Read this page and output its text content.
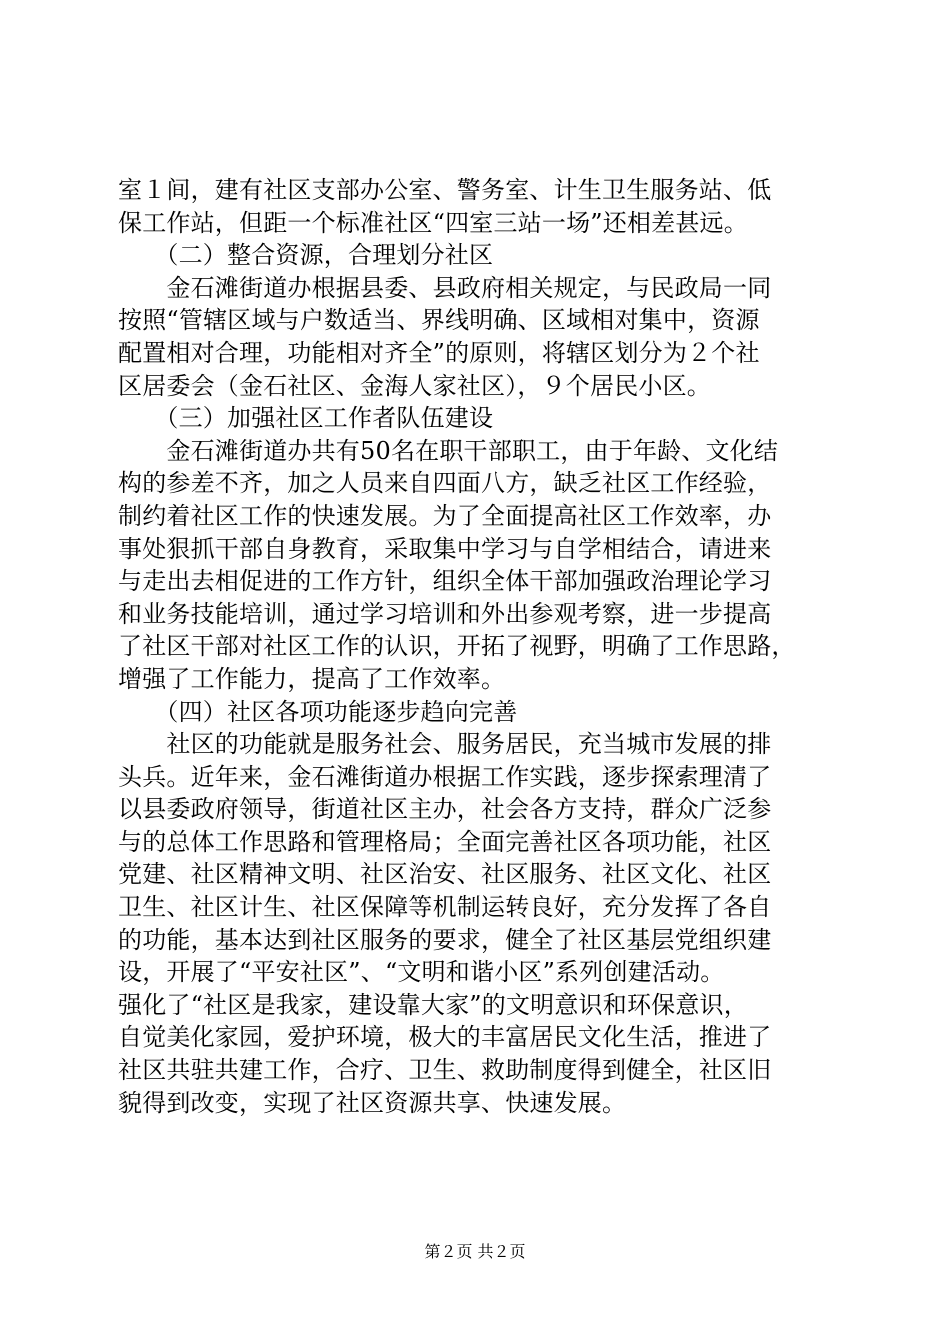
室１间，建有社区支部办公室、警务室、计生卫生服务站、低
保工作站，但距一个标准社区“四室三站一场”还相差甚远。
　　（二）整合资源，合理划分社区
　　金石滩街道办根据县委、县政府相关规定，与民政局一同
按照“管辖区域与户数适当、界线明确、区域相对集中，资源
配置相对合理，功能相对齐全”的原则，将辖区划分为２个社
区居委会（金石社区、金海人家社区），９个居民小区。
　　（三）加强社区工作者队伍建设
　　金石滩街道办共有50名在职干部职工，由于年龄、文化结
构的参差不齐，加之人员来自四面八方，缺乏社区工作经验，
制约着社区工作的快速发展。为了全面提高社区工作效率，办
事处狠抓干部自身教育，采取集中学习与自学相结合，请进来
与走出去相促进的工作方针，组织全体干部加强政治理论学习
和业务技能培训，通过学习培训和外出参观考察，进一步提高
了社区干部对社区工作的认识，开拓了视野，明确了工作思路，
增强了工作能力，提高了工作效率。
　　（四）社区各项功能逐步趋向完善
　　社区的功能就是服务社会、服务居民，充当城市发展的排
头兵。近年来，金石滩街道办根据工作实践，逐步探索理清了
以县委政府领导，街道社区主办，社会各方支持，群众广泛参
与的总体工作思路和管理格局；全面完善社区各项功能，社区
党建、社区精神文明、社区治安、社区服务、社区文化、社区
卫生、社区计生、社区保障等机制运转良好，充分发挥了各自
的功能，基本达到社区服务的要求，健全了社区基层党组织建
设，开展了“平安社区”、“文明和谐小区”系列创建活动。
强化了“社区是我家，建设靠大家”的文明意识和环保意识，
自觉美化家园，爱护环境，极大的丰富居民文化生活，推进了
社区共驻共建工作，合疗、卫生、救助制度得到健全，社区旧
貌得到改变，实现了社区资源共享、快速发展。
第２页 共２页
